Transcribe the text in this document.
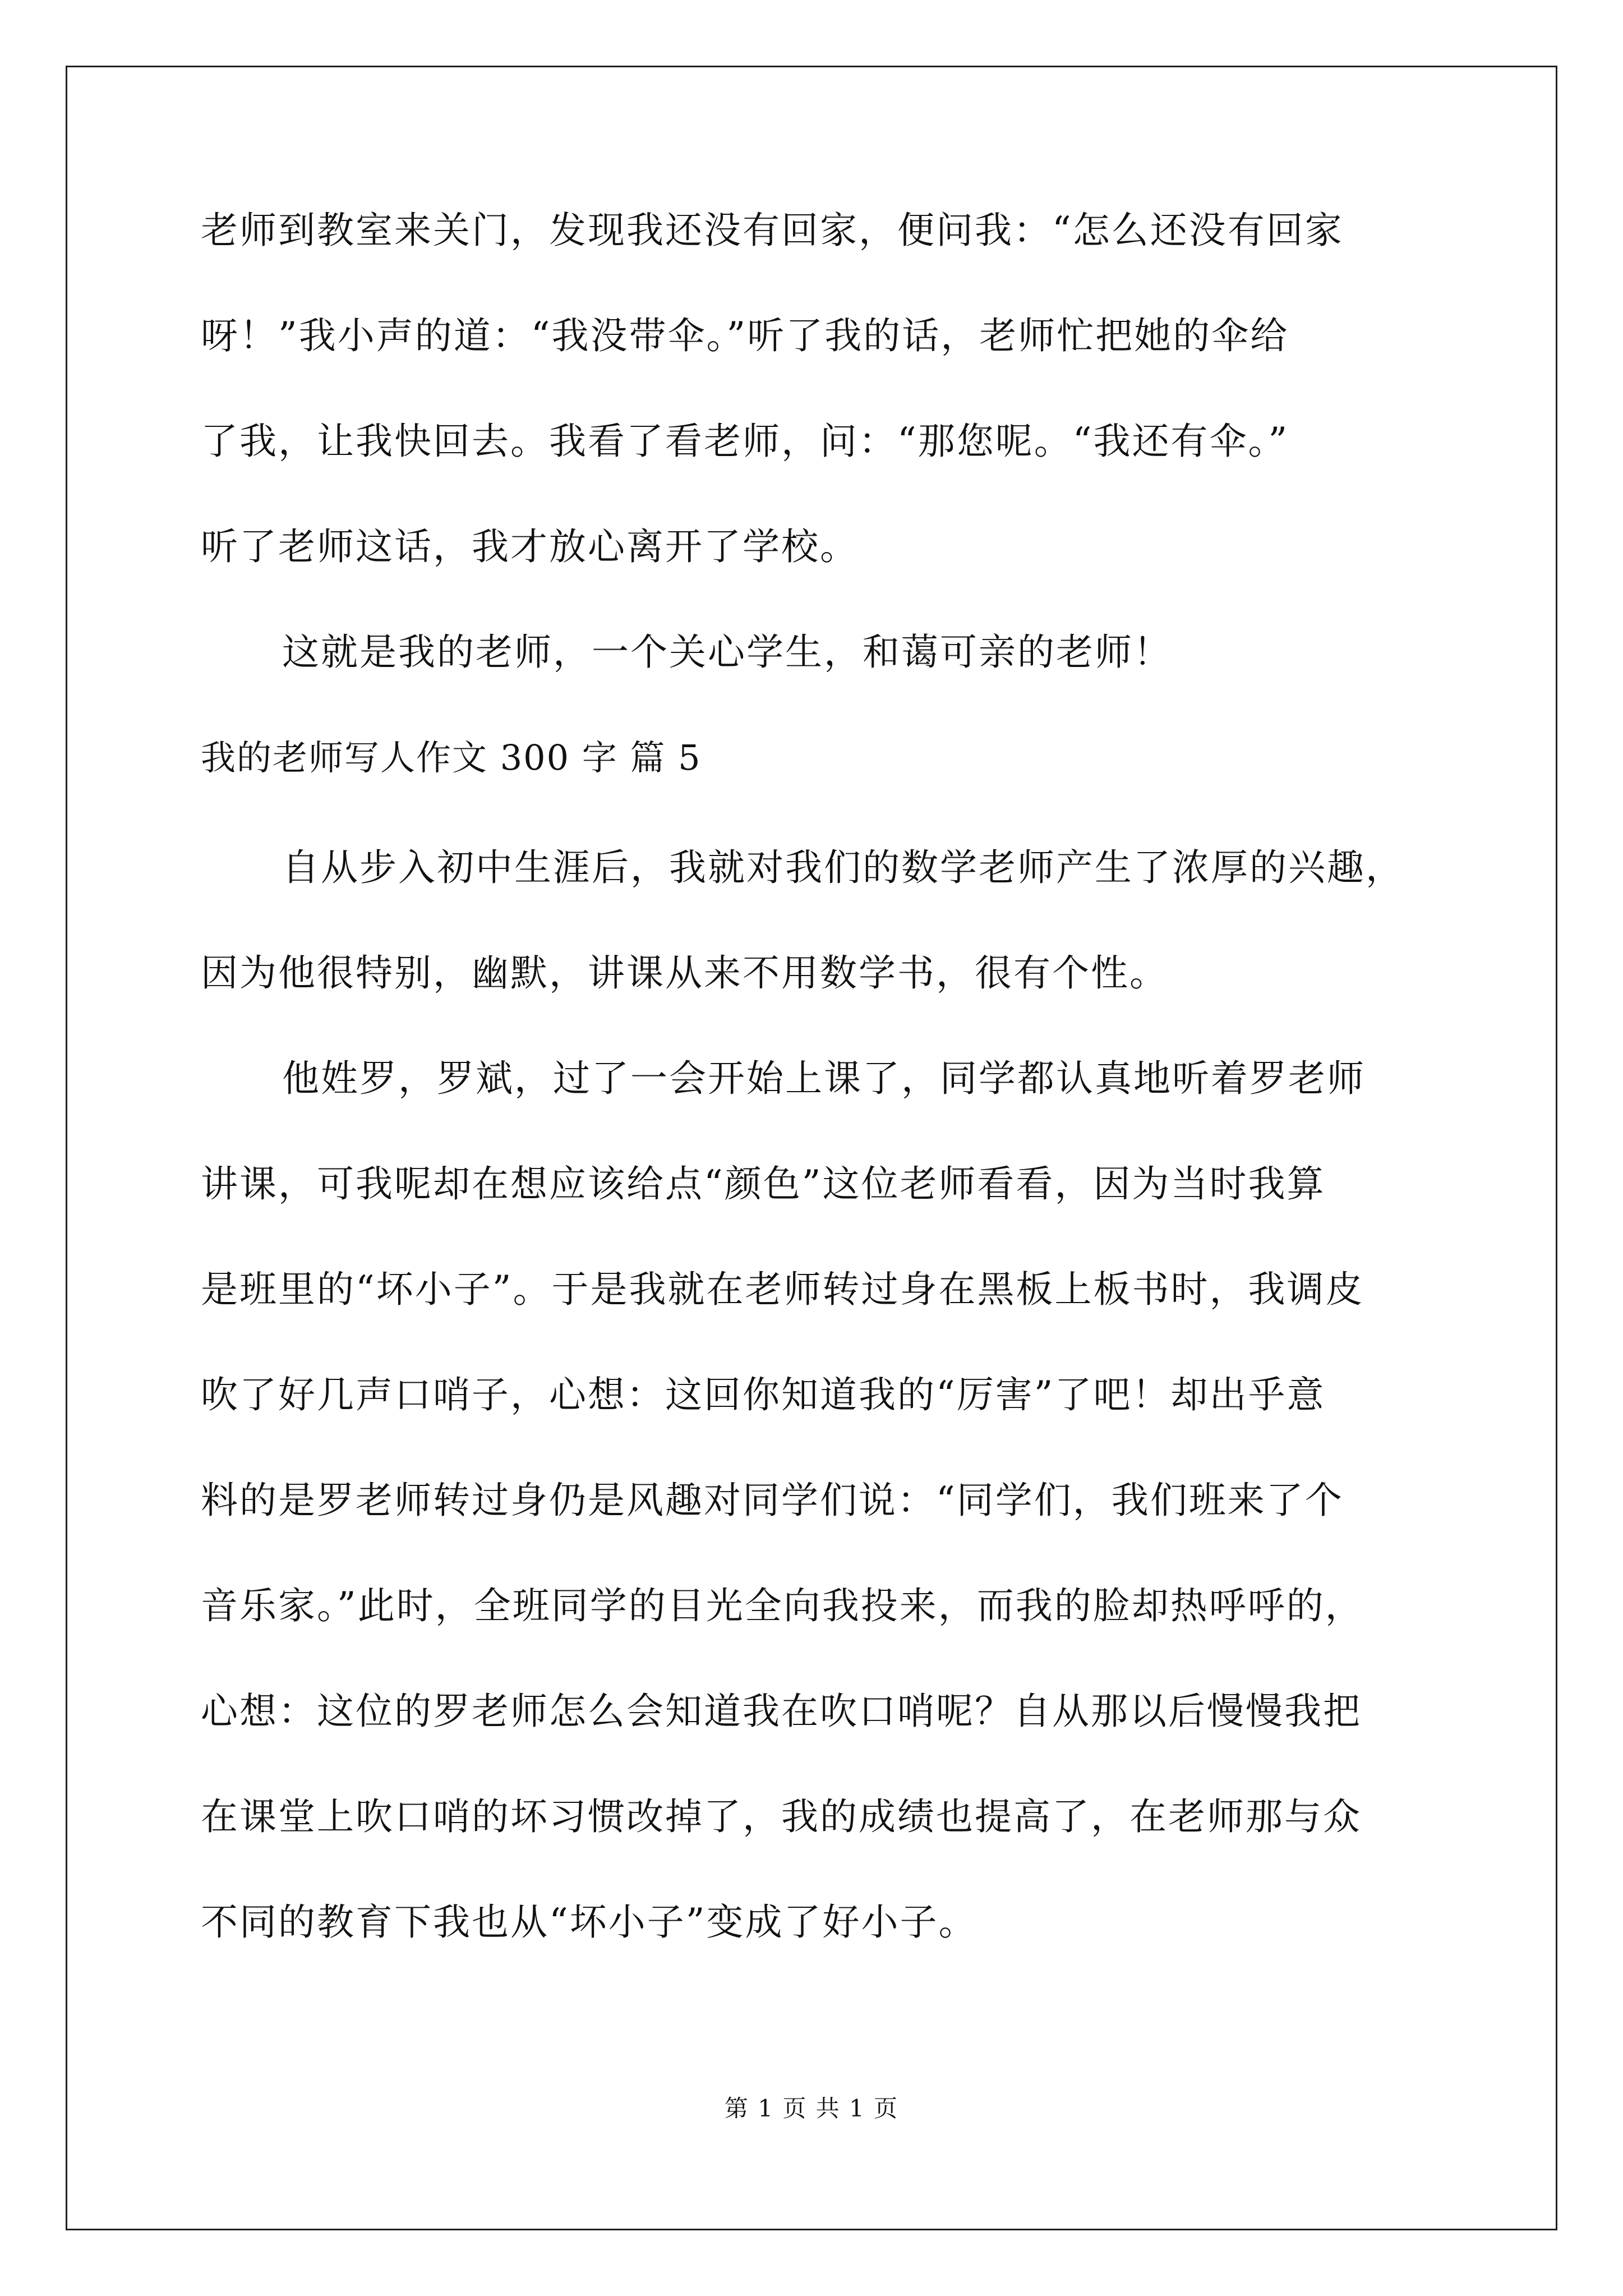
老师到教室来关门，发现我还没有回家，便问我：“怎么还没有回家

呀！”我小声的道：“我没带伞。”听了我的话，老师忙把她的伞给

了我，让我快回去。我看了看老师，问：“那您呢。“我还有伞。”

听了老师这话，我才放心离开了学校。

这就是我的老师，一个关心学生，和蔼可亲的老师！

我的老师写人作文 300 字 篇 5

自从步入初中生涯后，我就对我们的数学老师产生了浓厚的兴趣，

因为他很特别，幽默，讲课从来不用数学书，很有个性。

他姓罗，罗斌，过了一会开始上课了，同学都认真地听着罗老师

讲课，可我呢却在想应该给点“颜色”这位老师看看，因为当时我算

是班里的“坏小子”。于是我就在老师转过身在黑板上板书时，我调皮

吹了好几声口哨子，心想：这回你知道我的“厉害”了吧！却出乎意

料的是罗老师转过身仍是风趣对同学们说：“同学们，我们班来了个

音乐家。”此时，全班同学的目光全向我投来，而我的脸却热呼呼的，

心想：这位的罗老师怎么会知道我在吹口哨呢？自从那以后慢慢我把

在课堂上吹口哨的坏习惯改掉了，我的成绩也提高了，在老师那与众

不同的教育下我也从“坏小子”变成了好小子。

第 1 页 共 1 页
